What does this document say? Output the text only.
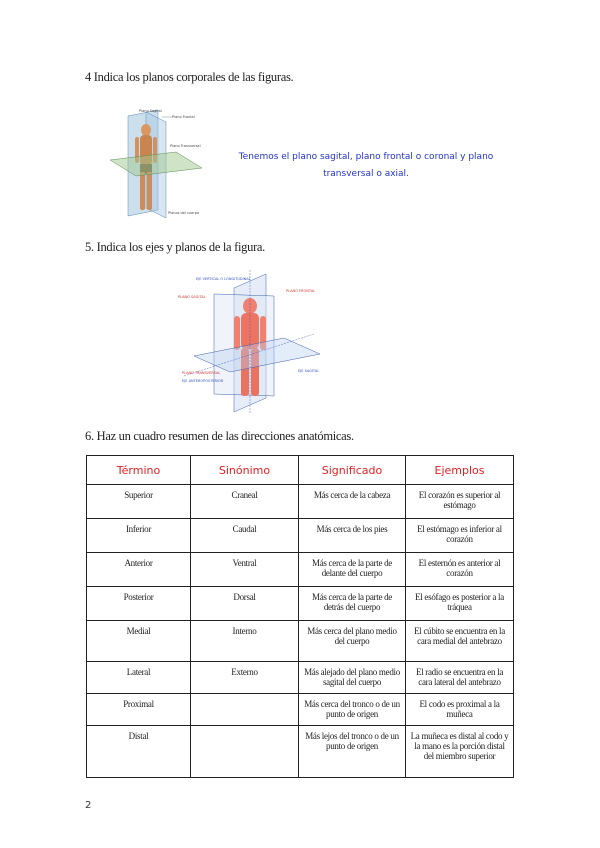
4 Indica los planos corporales de las figuras.
Plano Sagital
Plano Frontal
Plano Transversal
Planos del cuerpo
Tenemos el plano sagital, plano frontal o coronal y plano transversal o axial.
5. Indica los ejes y planos de la figura.
EJE VERTICAL O LONGITUDINAL
PLANO SAGITAL
PLANO FRONTAL
PLANO TRANSVERSAL
EJE ANTEROPOSTERIOR
EJE SAGITAL
6. Haz un cuadro resumen de las direcciones anatómicas.
Término	Sinónimo	Significado	Ejemplos
Superior	Craneal	Más cerca de la cabeza	El corazón es superior al estómago
Inferior	Caudal	Más cerca de los pies	El estómago es inferior al corazón
Anterior	Ventral	Más cerca de la parte de delante del cuerpo	El esternón es anterior al corazón
Posterior	Dorsal	Más cerca de la parte de detrás del cuerpo	El esófago es posterior a la tráquea
Medial	Interno	Más cerca del plano medio del cuerpo	El cúbito se encuentra en la cara medial del antebrazo
Lateral	Externo	Más alejado del plano medio sagital del cuerpo	El radio se encuentra en la cara lateral del antebrazo
Proximal		Más cerca del tronco o de un punto de origen	El codo es proximal a la muñeca
Distal		Más lejos del tronco o de un punto de origen	La muñeca es distal al codo y la mano es la porción distal del miembro superior
2
